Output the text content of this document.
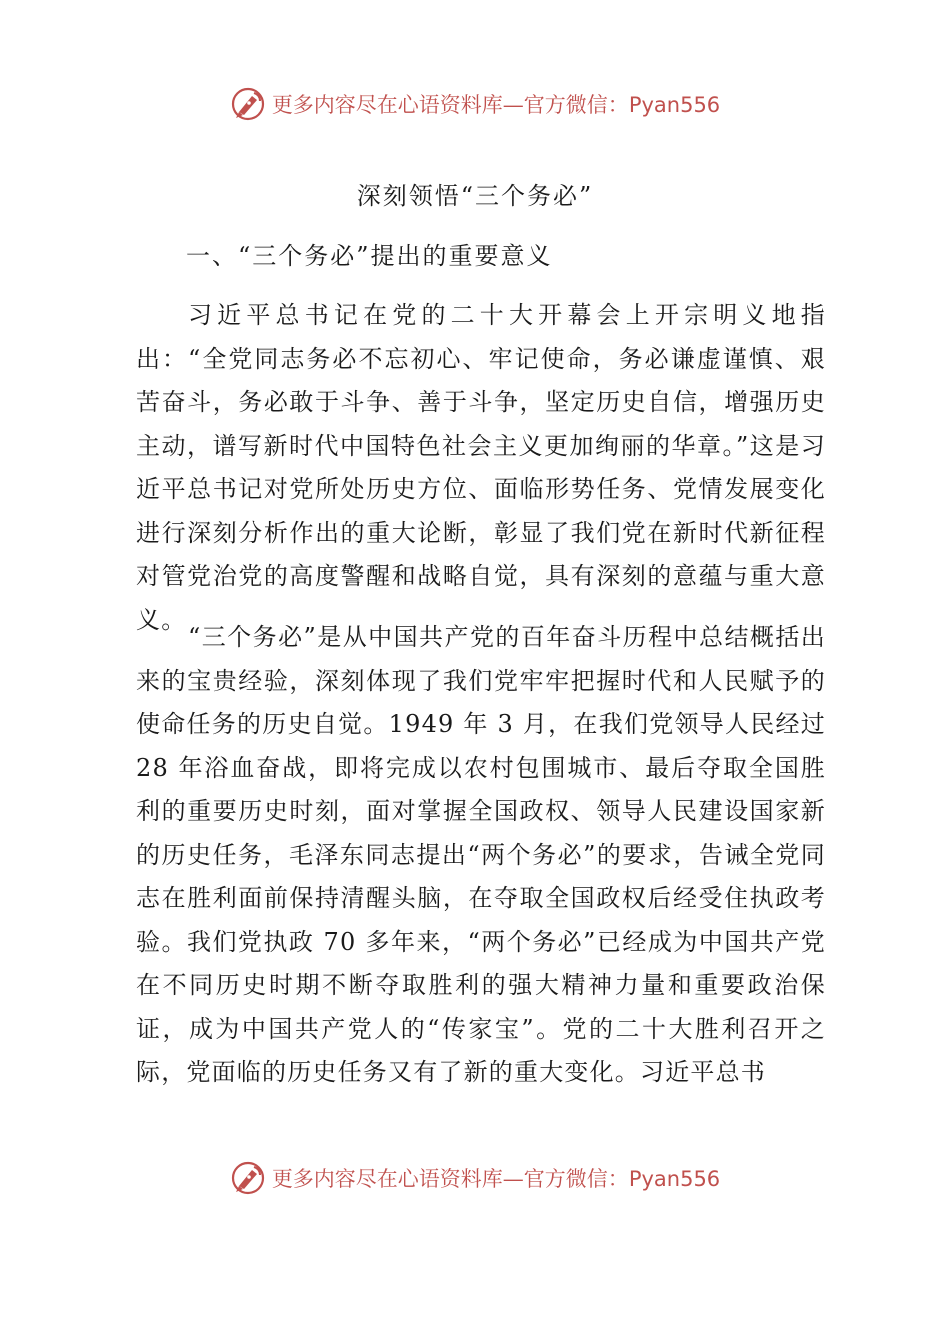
更多内容尽在心语资料库—官方微信：Pyan556
深刻领悟“三个务必”
一、“三个务必”提出的重要意义

习近平总书记在党的二十大开幕会上开宗明义地指出：“全党同志务必不忘初心、牢记使命，务必谦虚谨慎、艰苦奋斗，务必敢于斗争、善于斗争，坚定历史自信，增强历史主动，谱写新时代中国特色社会主义更加绚丽的华章。”这是习近平总书记对党所处历史方位、面临形势任务、党情发展变化进行深刻分析作出的重大论断，彰显了我们党在新时代新征程对管党治党的高度警醒和战略自觉，具有深刻的意蕴与重大意义。

“三个务必”是从中国共产党的百年奋斗历程中总结概括出来的宝贵经验，深刻体现了我们党牢牢把握时代和人民赋予的使命任务的历史自觉。1949 年 3 月，在我们党领导人民经过 28 年浴血奋战，即将完成以农村包围城市、最后夺取全国胜利的重要历史时刻，面对掌握全国政权、领导人民建设国家新的历史任务，毛泽东同志提出“两个务必”的要求，告诫全党同志在胜利面前保持清醒头脑，在夺取全国政权后经受住执政考验。我们党执政 70 多年来，“两个务必”已经成为中国共产党在不同历史时期不断夺取胜利的强大精神力量和重要政治保证，成为中国共产党人的“传家宝”。党的二十大胜利召开之际，党面临的历史任务又有了新的重大变化。习近平总书

更多内容尽在心语资料库—官方微信：Pyan556
